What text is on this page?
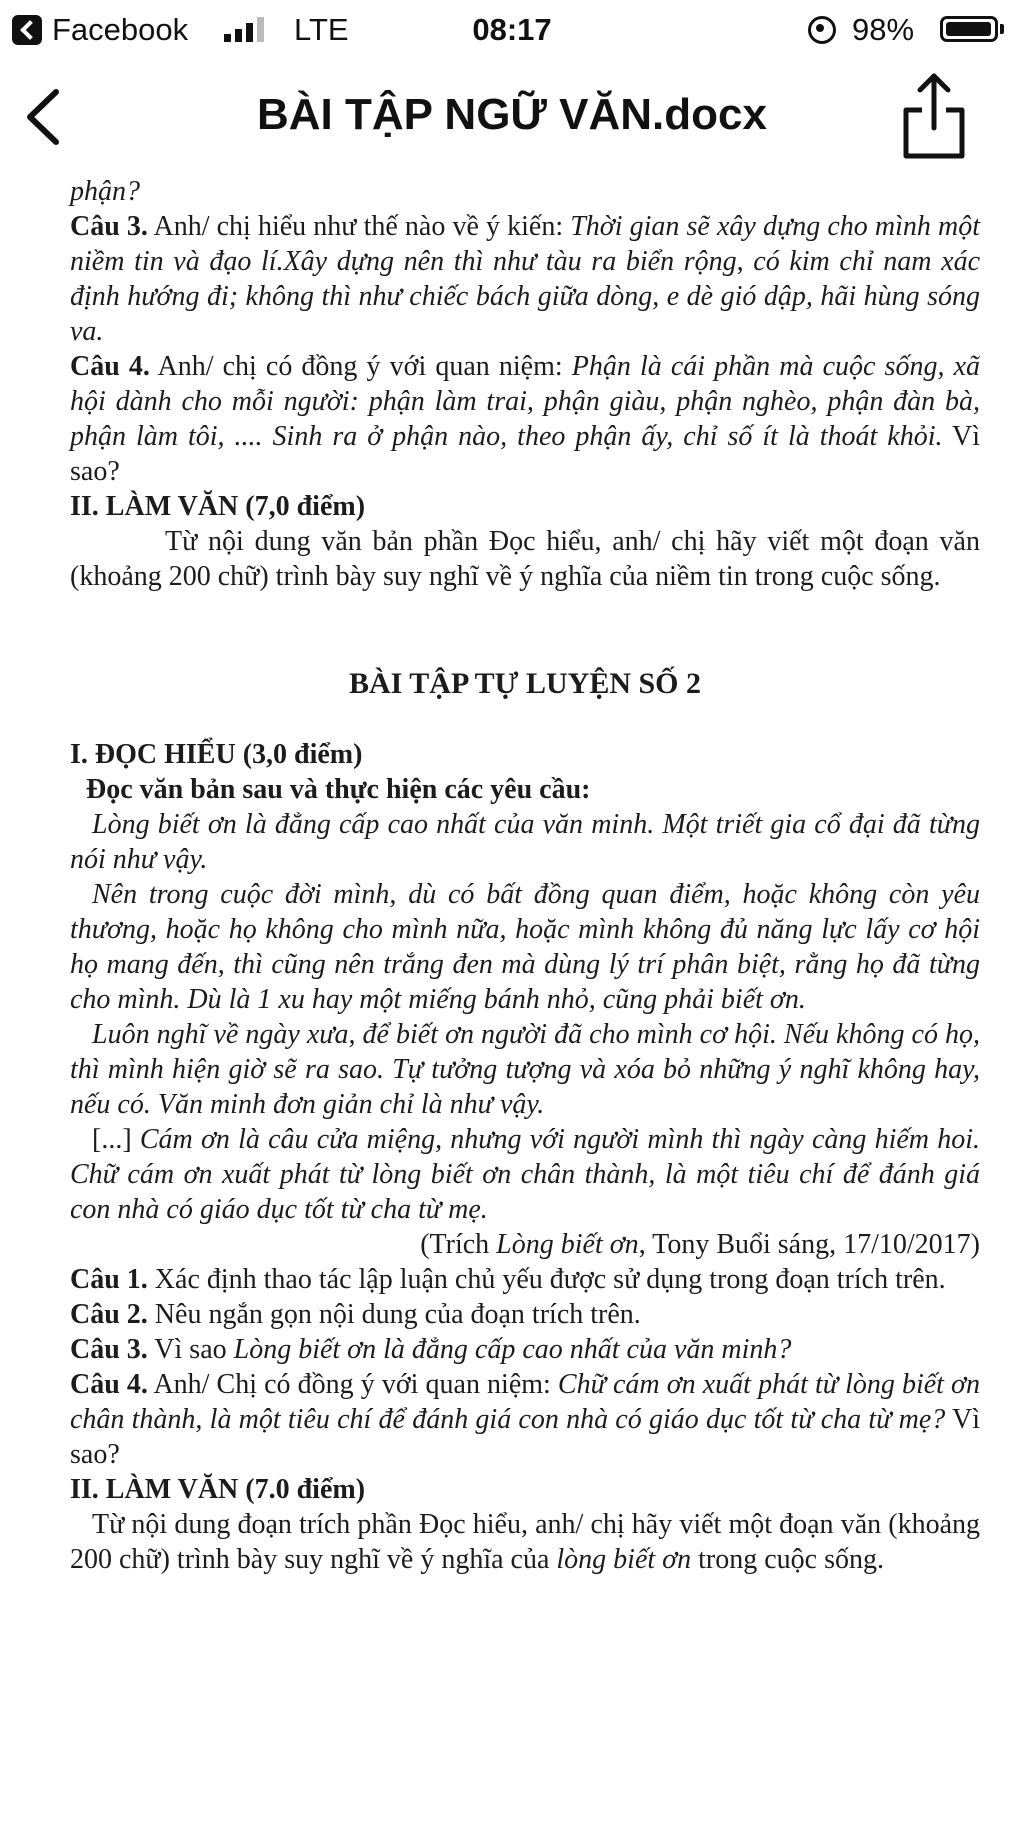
Facebook	LTE	08:17	98%
BÀI TẬP NGỮ VĂN.docx

phận?

Câu 3. Anh/ chị hiểu như thế nào về ý kiến: Thời gian sẽ xây dựng cho mình một niềm tin và đạo lí.Xây dựng nên thì như tàu ra biển rộng, có kim chỉ nam xác định hướng đi; không thì như chiếc bách giữa dòng, e dè gió dập, hãi hùng sóng va.

Câu 4. Anh/ chị có đồng ý với quan niệm: Phận là cái phần mà cuộc sống, xã hội dành cho mỗi người: phận làm trai, phận giàu, phận nghèo, phận đàn bà, phận làm tôi, .... Sinh ra ở phận nào, theo phận ấy, chỉ số ít là thoát khỏi. Vì sao?

II. LÀM VĂN (7,0 điểm)

Từ nội dung văn bản phần Đọc hiểu, anh/ chị hãy viết một đoạn văn (khoảng 200 chữ) trình bày suy nghĩ về ý nghĩa của niềm tin trong cuộc sống.

BÀI TẬP TỰ LUYỆN SỐ 2

I. ĐỌC HIỂU (3,0 điểm)

Đọc văn bản sau và thực hiện các yêu cầu:

Lòng biết ơn là đẳng cấp cao nhất của văn minh. Một triết gia cổ đại đã từng nói như vậy.

Nên trong cuộc đời mình, dù có bất đồng quan điểm, hoặc không còn yêu thương, hoặc họ không cho mình nữa, hoặc mình không đủ năng lực lấy cơ hội họ mang đến, thì cũng nên trắng đen mà dùng lý trí phân biệt, rằng họ đã từng cho mình. Dù là 1 xu hay một miếng bánh nhỏ, cũng phải biết ơn.

Luôn nghĩ về ngày xưa, để biết ơn người đã cho mình cơ hội. Nếu không có họ, thì mình hiện giờ sẽ ra sao. Tự tưởng tượng và xóa bỏ những ý nghĩ không hay, nếu có. Văn minh đơn giản chỉ là như vậy.

[...] Cám ơn là câu cửa miệng, nhưng với người mình thì ngày càng hiếm hoi. Chữ cám ơn xuất phát từ lòng biết ơn chân thành, là một tiêu chí để đánh giá con nhà có giáo dục tốt từ cha từ mẹ.

(Trích Lòng biết ơn, Tony Buổi sáng, 17/10/2017)

Câu 1. Xác định thao tác lập luận chủ yếu được sử dụng trong đoạn trích trên.

Câu 2. Nêu ngắn gọn nội dung của đoạn trích trên.

Câu 3. Vì sao Lòng biết ơn là đẳng cấp cao nhất của văn minh?

Câu 4. Anh/ Chị có đồng ý với quan niệm: Chữ cám ơn xuất phát từ lòng biết ơn chân thành, là một tiêu chí để đánh giá con nhà có giáo dục tốt từ cha từ mẹ? Vì sao?

II. LÀM VĂN (7.0 điểm)

Từ nội dung đoạn trích phần Đọc hiểu, anh/ chị hãy viết một đoạn văn (khoảng 200 chữ) trình bày suy nghĩ về ý nghĩa của lòng biết ơn trong cuộc sống.
